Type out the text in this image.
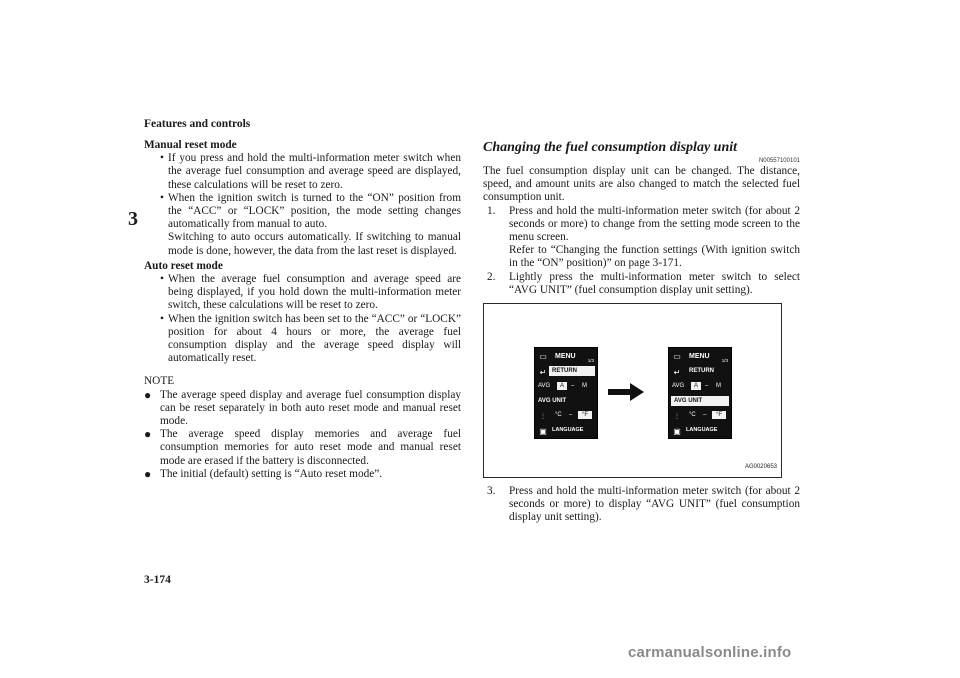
Features and controls
3
Manual reset mode
• If you press and hold the multi-information meter switch when the average fuel consumption and average speed are displayed, these calculations will be reset to zero.
• When the ignition switch is turned to the “ON” position from the “ACC” or “LOCK” position, the mode setting changes automatically from manual to auto.
Switching to auto occurs automatically. If switching to manual mode is done, however, the data from the last reset is displayed.
Auto reset mode
• When the average fuel consumption and average speed are being displayed, if you hold down the multi-information meter switch, these calculations will be reset to zero.
• When the ignition switch has been set to the “ACC” or “LOCK” position for about 4 hours or more, the average fuel consumption display and the average speed display will automatically reset.
NOTE
● The average speed display and average fuel consumption display can be reset separately in both auto reset mode and manual reset mode.
● The average speed display memories and average fuel consumption memories for auto reset mode and manual reset mode are erased if the battery is disconnected.
● The initial (default) setting is “Auto reset mode”.
Changing the fuel consumption display unit
N00557100101

The fuel consumption display unit can be changed. The distance, speed, and amount units are also changed to match the selected fuel consumption unit.

1.	Press and hold the multi-information meter switch (for about 2 seconds or more) to change from the setting mode screen to the menu screen.
Refer to “Changing the function settings (With ignition switch in the “ON” position)” on page 3-171.
2.	Lightly press the multi-information meter switch to select “AVG UNIT” (fuel consumption display unit setting).
▭	MENU
1/3
↵ RETURN
AVG	A	– M
AVG UNIT
⫶	°C –	°F
▣ LANGUAGE
▭	MENU
1/3
↵	RETURN
AVG	A	– M
AVG UNIT
⫶	°C –	°F
▣ LANGUAGE
AG0020653
3.	Press and hold the multi-information meter switch (for about 2 seconds or more) to display “AVG UNIT” (fuel consumption display unit setting).
3-174
carmanualsonline.info
